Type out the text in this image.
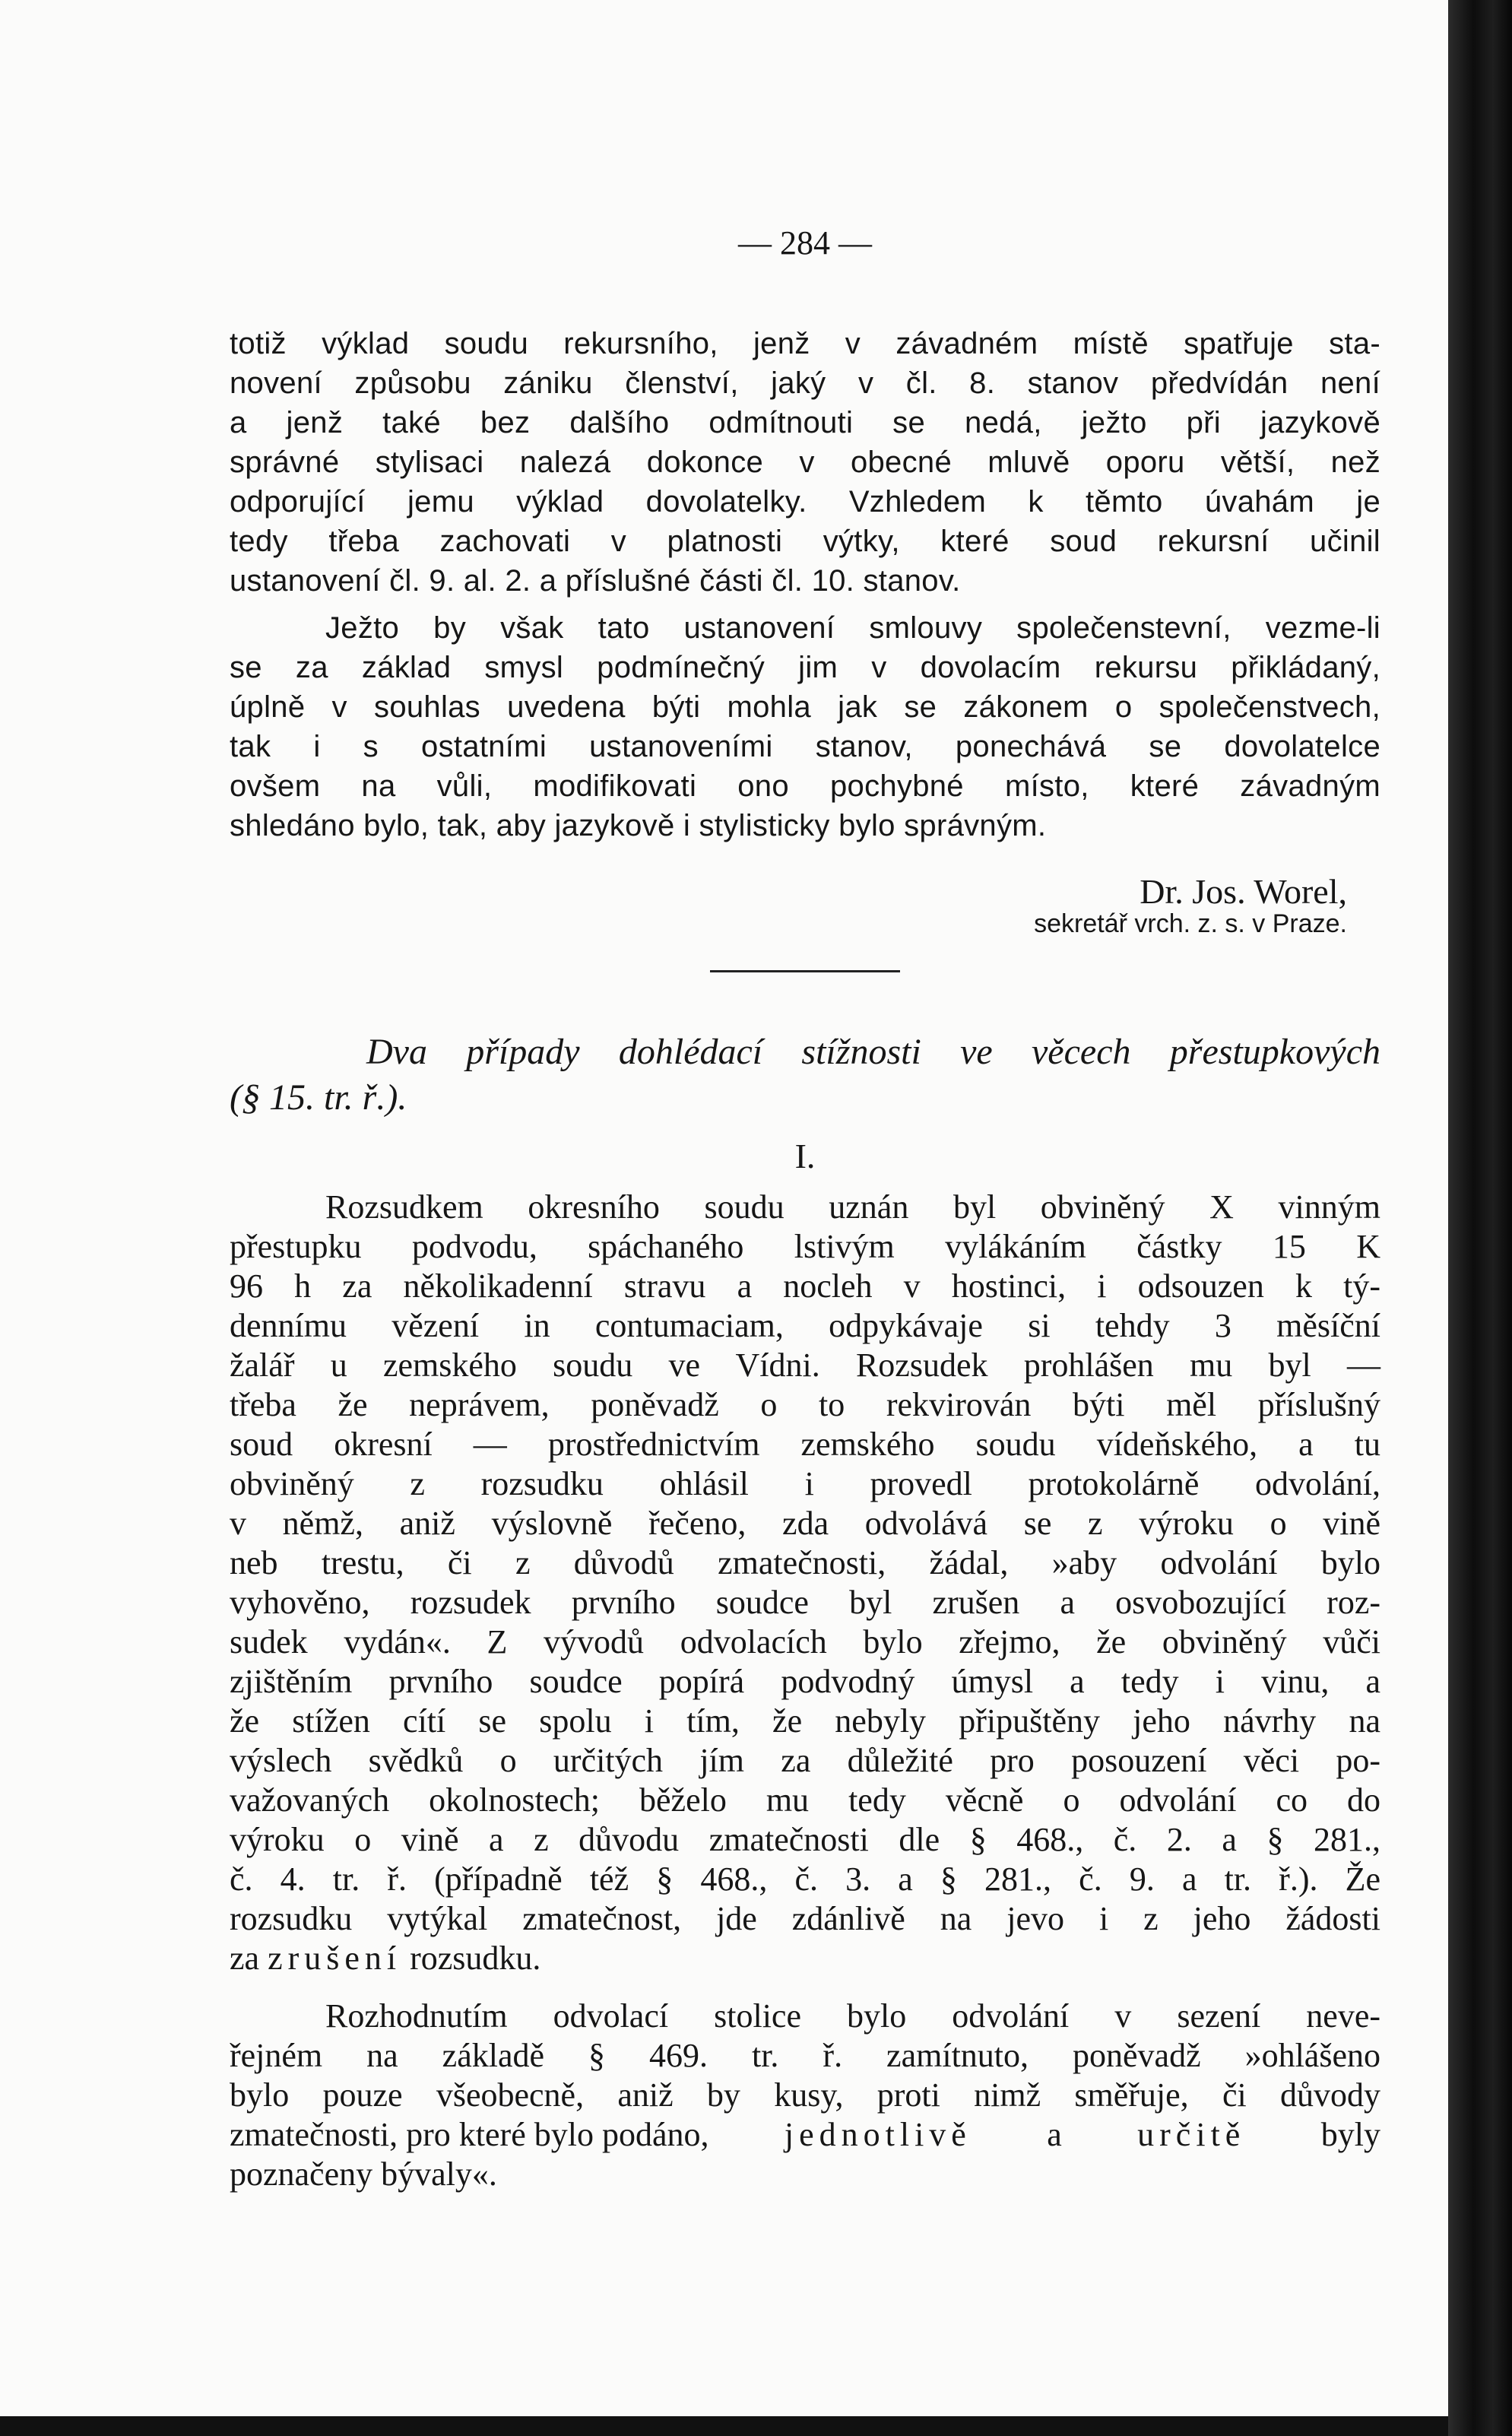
— 284 —
totiž výklad soudu rekursního, jenž v závadném místě spatřuje sta-
novení způsobu zániku členství, jaký v čl. 8. stanov předvídán není
a jenž také bez dalšího odmítnouti se nedá, ježto při jazykově
správné stylisaci nalezá dokonce v obecné mluvě oporu větší, než
odporující jemu výklad dovolatelky. Vzhledem k těmto úvahám je
tedy třeba zachovati v platnosti výtky, které soud rekursní učinil
ustanovení čl. 9. al. 2. a příslušné části čl. 10. stanov.
Ježto by však tato ustanovení smlouvy společenstevní, vezme-li
se za základ smysl podmínečný jim v dovolacím rekursu přikládaný,
úplně v souhlas uvedena býti mohla jak se zákonem o společenstvech,
tak i s ostatními ustanoveními stanov, ponechává se dovolatelce
ovšem na vůli, modifikovati ono pochybné místo, které závadným
shledáno bylo, tak, aby jazykově i stylisticky bylo správným.
Dr. Jos. Worel,
sekretář vrch. z. s. v Praze.
Dva případy dohlédací stížnosti ve věcech přestupkových
(§ 15. tr. ř.).
I.
Rozsudkem okresního soudu uznán byl obviněný X vinným
přestupku podvodu, spáchaného lstivým vylákáním částky 15 K
96 h za několikadenní stravu a nocleh v hostinci, i odsouzen k tý-
dennímu vězení in contumaciam, odpykávaje si tehdy 3 měsíční
žalář u zemského soudu ve Vídni. Rozsudek prohlášen mu byl —
třeba že neprávem, poněvadž o to rekvirován býti měl příslušný
soud okresní — prostřednictvím zemského soudu vídeňského, a tu
obviněný z rozsudku ohlásil i provedl protokolárně odvolání,
v němž, aniž výslovně řečeno, zda odvolává se z výroku o vině
neb trestu, či z důvodů zmatečnosti, žádal, »aby odvolání bylo
vyhověno, rozsudek prvního soudce byl zrušen a osvobozující roz-
sudek vydán«. Z vývodů odvolacích bylo zřejmo, že obviněný vůči
zjištěním prvního soudce popírá podvodný úmysl a tedy i vinu, a
že stížen cítí se spolu i tím, že nebyly připuštěny jeho návrhy na
výslech svědků o určitých jím za důležité pro posouzení věci po-
važovaných okolnostech; běželo mu tedy věcně o odvolání co do
výroku o vině a z důvodu zmatečnosti dle § 468., č. 2. a § 281.,
č. 4. tr. ř. (případně též § 468., č. 3. a § 281., č. 9. a tr. ř.). Že
rozsudku vytýkal zmatečnost, jde zdánlivě na jevo i z jeho žádosti
za zrušení rozsudku.
Rozhodnutím odvolací stolice bylo odvolání v sezení neve-
řejném na základě § 469. tr. ř. zamítnuto, poněvadž »ohlášeno
bylo pouze všeobecně, aniž by kusy, proti nimž směřuje, či důvody
zmatečnosti, pro které bylo podáno, jednotlivě a určitě byly
poznačeny bývaly«.
